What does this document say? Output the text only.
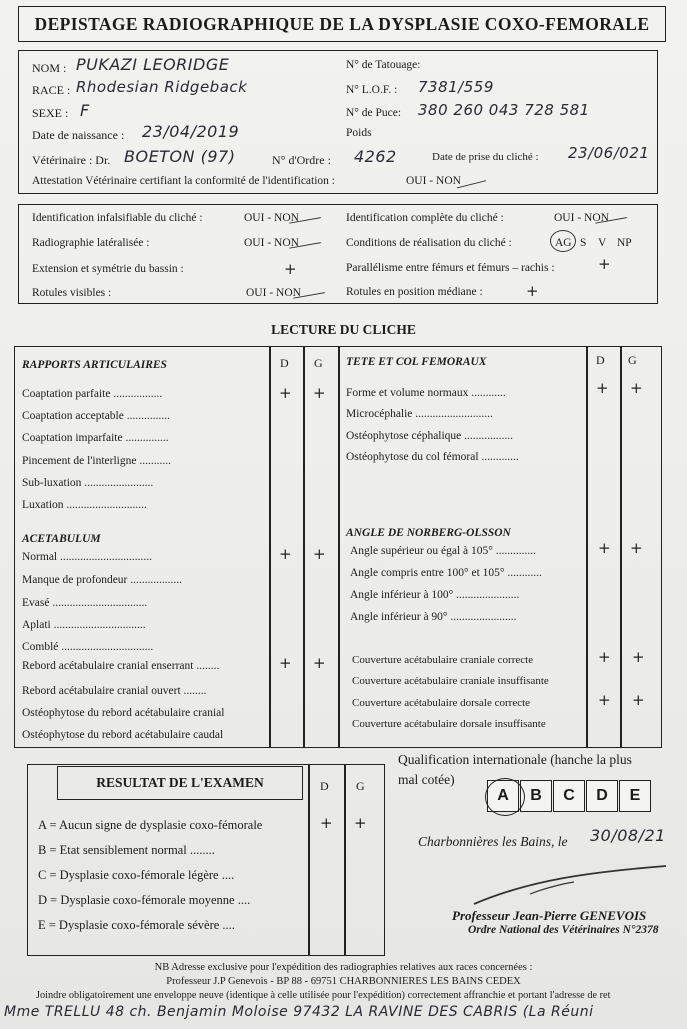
DEPISTAGE RADIOGRAPHIQUE DE LA DYSPLASIE COXO-FEMORALE
NOM : PUKAZI LEORIDGE
RACE : Rhodesian Ridgeback
SEXE : F
Date de naissance : 23/04/2019
Vétérinaire : Dr. BOETON (97)	N° d'Ordre : 4262	Date de prise du cliché : 23/06/021
N° de Tatouage:
N° L.O.F. : 7381/559
N° de Puce: 380 260 043 728 581
Poids
Attestation Vétérinaire certifiant la conformité de l'identification :	OUI - NON
Identification infalsifiable du cliché :	OUI - NON
Radiographie latéralisée :	OUI - NON
Extension et symétrie du bassin :	+
Rotules visibles :	OUI - NON
Identification complète du cliché :	OUI - NON
Conditions de réalisation du cliché :	AG S V NP
Parallélisme entre fémurs et fémurs – rachis :	+
Rotules en position médiane :	+
LECTURE DU CLICHE
RAPPORTS ARTICULAIRES	D G TETE ET COL FEMORAUX	D G
ACETABULUM	ANGLE DE NORBERG-OLSSON
Coaptation parfaite .................	+ +
Coaptation acceptable ...............
Coaptation imparfaite ...............
Pincement de l'interligne ...........
Sub-luxation ........................
Luxation ............................
Normal ................................	+ +
Manque de profondeur ..................
Evasé .................................
Aplati ................................
Comblé ................................
Rebord acétabulaire cranial enserrant ........	+ +
Rebord acétabulaire cranial ouvert ........
Ostéophytose du rebord acétabulaire cranial
Ostéophytose du rebord acétabulaire caudal
Forme et volume normaux ............	+ +
Microcéphalie ...........................
Ostéophytose céphalique .................
Ostéophytose du col fémoral .............
Angle supérieur ou égal à 105° ..............	+ +
Angle compris entre 100° et 105° ............
Angle inférieur à 100° ......................
Angle inférieur à 90° .......................
Couverture acétabulaire craniale correcte	+ +
Couverture acétabulaire craniale insuffisante
Couverture acétabulaire dorsale correcte	+ +
Couverture acétabulaire dorsale insuffisante
RESULTAT DE L'EXAMEN	D G
A = Aucun signe de dysplasie coxo-fémorale	+ +
B = Etat sensiblement normal ........
C = Dysplasie coxo-fémorale légère ....
D = Dysplasie coxo-fémorale moyenne ....
E = Dysplasie coxo-fémorale sévère ....
Qualification internationale (hanche la plus
mal cotée)
A	B	C	D	E
Charbonnières les Bains, le 30/08/21
Professeur Jean-Pierre GENEVOIS
Ordre National des Vétérinaires N°2378
NB Adresse exclusive pour l'expédition des radiographies relatives aux races concernées :
Professeur J.P Genevois - BP 88 - 69751 CHARBONNIERES LES BAINS CEDEX
Joindre obligatoirement une enveloppe neuve (identique à celle utilisée pour l'expédition) correctement affranchie et portant l'adresse de ret
Mme TRELLU 48 ch. Benjamin Moloise 97432 LA RAVINE DES CABRIS (La Réuni
